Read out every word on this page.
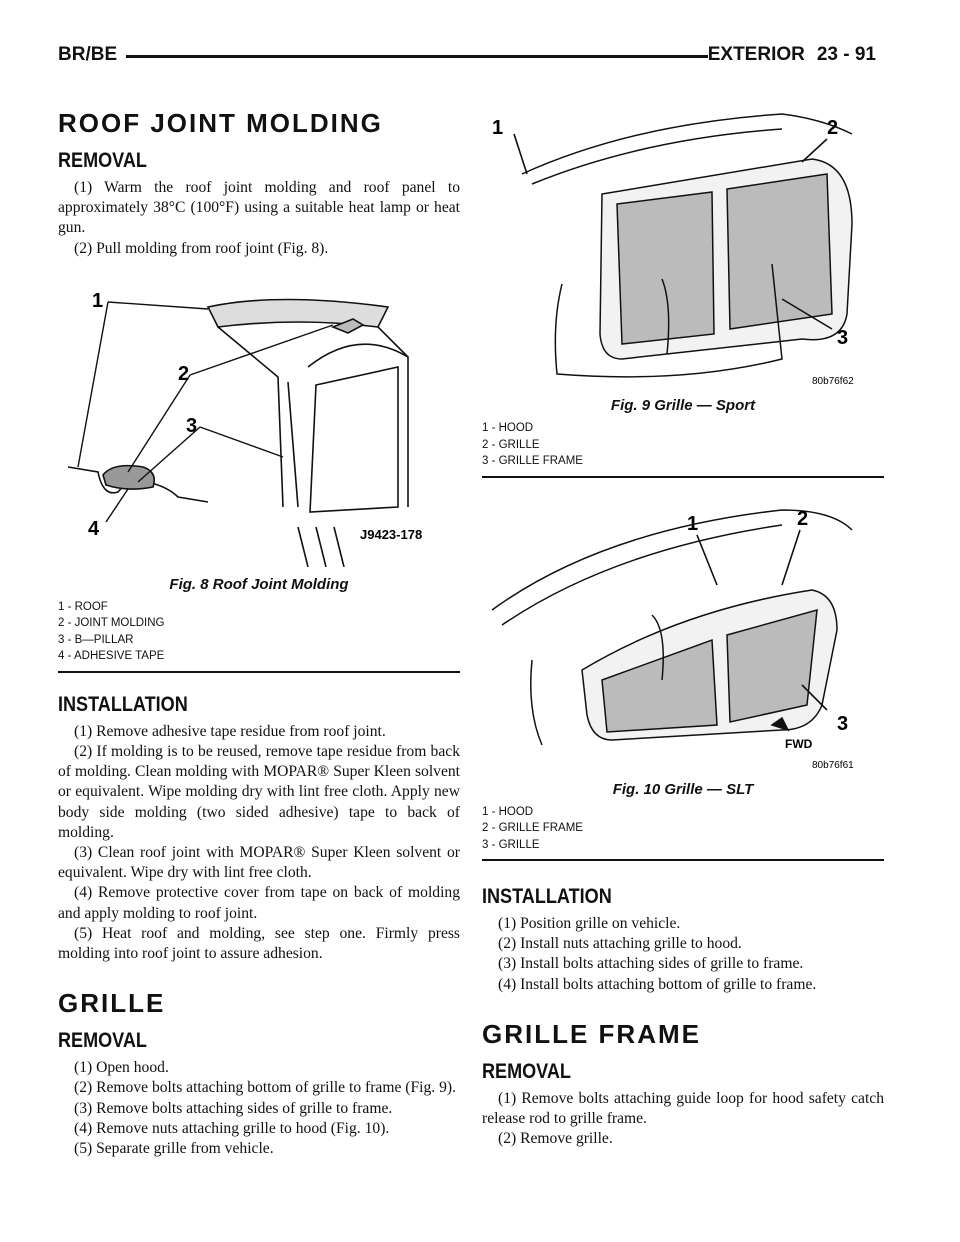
BR/BE	EXTERIOR 23 - 91
ROOF JOINT MOLDING
REMOVAL

(1) Warm the roof joint molding and roof panel to approximately 38°C (100°F) using a suitable heat lamp or heat gun.

(2) Pull molding from roof joint (Fig. 8).

1
2
3
4	J9423-178
Fig. 8 Roof Joint Molding
1 - ROOF
2 - JOINT MOLDING
3 - B—PILLAR
4 - ADHESIVE TAPE
INSTALLATION

(1) Remove adhesive tape residue from roof joint.

(2) If molding is to be reused, remove tape residue from back of molding. Clean molding with MOPAR® Super Kleen solvent or equivalent. Wipe molding dry with lint free cloth. Apply new body side molding (two sided adhesive) tape to back of molding.

(3) Clean roof joint with MOPAR® Super Kleen solvent or equivalent. Wipe dry with lint free cloth.

(4) Remove protective cover from tape on back of molding and apply molding to roof joint.

(5) Heat roof and molding, see step one. Firmly press molding into roof joint to assure adhesion.

GRILLE
REMOVAL

(1) Open hood.

(2) Remove bolts attaching bottom of grille to frame (Fig. 9).

(3) Remove bolts attaching sides of grille to frame.

(4) Remove nuts attaching grille to hood (Fig. 10).

(5) Separate grille from vehicle.

1	2
3
80b76f62
Fig. 9 Grille — Sport
1 - HOOD
2 - GRILLE
3 - GRILLE FRAME
1	2
3
FWD
80b76f61
Fig. 10 Grille — SLT
1 - HOOD
2 - GRILLE FRAME
3 - GRILLE
INSTALLATION

(1) Position grille on vehicle.

(2) Install nuts attaching grille to hood.

(3) Install bolts attaching sides of grille to frame.

(4) Install bolts attaching bottom of grille to frame.

GRILLE FRAME
REMOVAL

(1) Remove bolts attaching guide loop for hood safety catch release rod to grille frame.

(2) Remove grille.
